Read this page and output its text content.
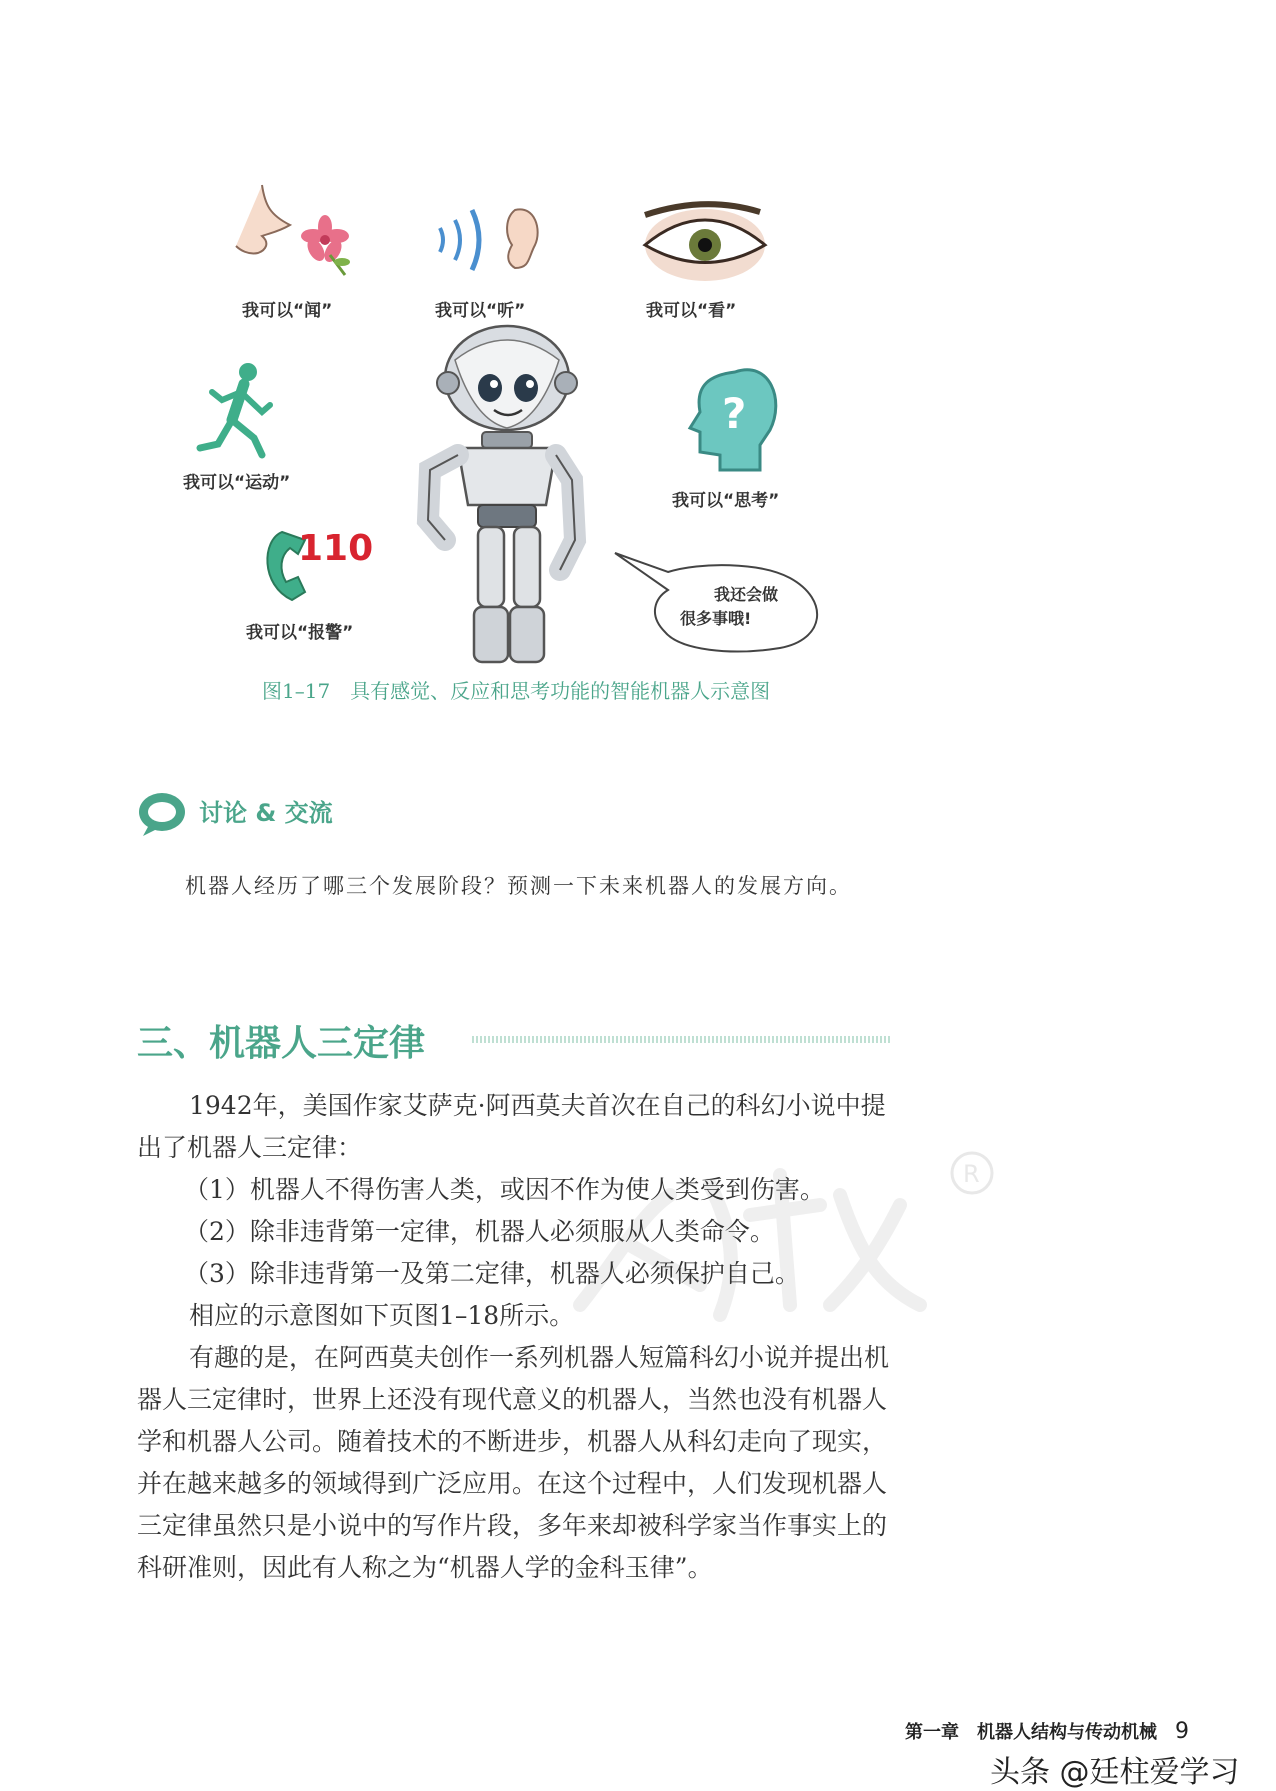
110
?
我还会做
很多事哦!
我可以“闻”	我可以“听”	我可以“看”
我可以“运动”
我可以“思考”
我可以“报警”
图1–17　具有感觉、反应和思考功能的智能机器人示意图
讨论 & 交流
机器人经历了哪三个发展阶段？预测一下未来机器人的发展方向。
三、机器人三定律
R

1942年，美国作家艾萨克·阿西莫夫首次在自己的科幻小说中提出了机器人三定律：

（1）机器人不得伤害人类，或因不作为使人类受到伤害。

（2）除非违背第一定律，机器人必须服从人类命令。

（3）除非违背第一及第二定律，机器人必须保护自己。

相应的示意图如下页图1–18所示。

有趣的是，在阿西莫夫创作一系列机器人短篇科幻小说并提出机器人三定律时，世界上还没有现代意义的机器人，当然也没有机器人学和机器人公司。随着技术的不断进步，机器人从科幻走向了现实，并在越来越多的领域得到广泛应用。在这个过程中，人们发现机器人三定律虽然只是小说中的写作片段，多年来却被科学家当作事实上的科研准则，因此有人称之为“机器人学的金科玉律”。

第一章　机器人结构与传动机械 9
头条 @廷柱爱学习
